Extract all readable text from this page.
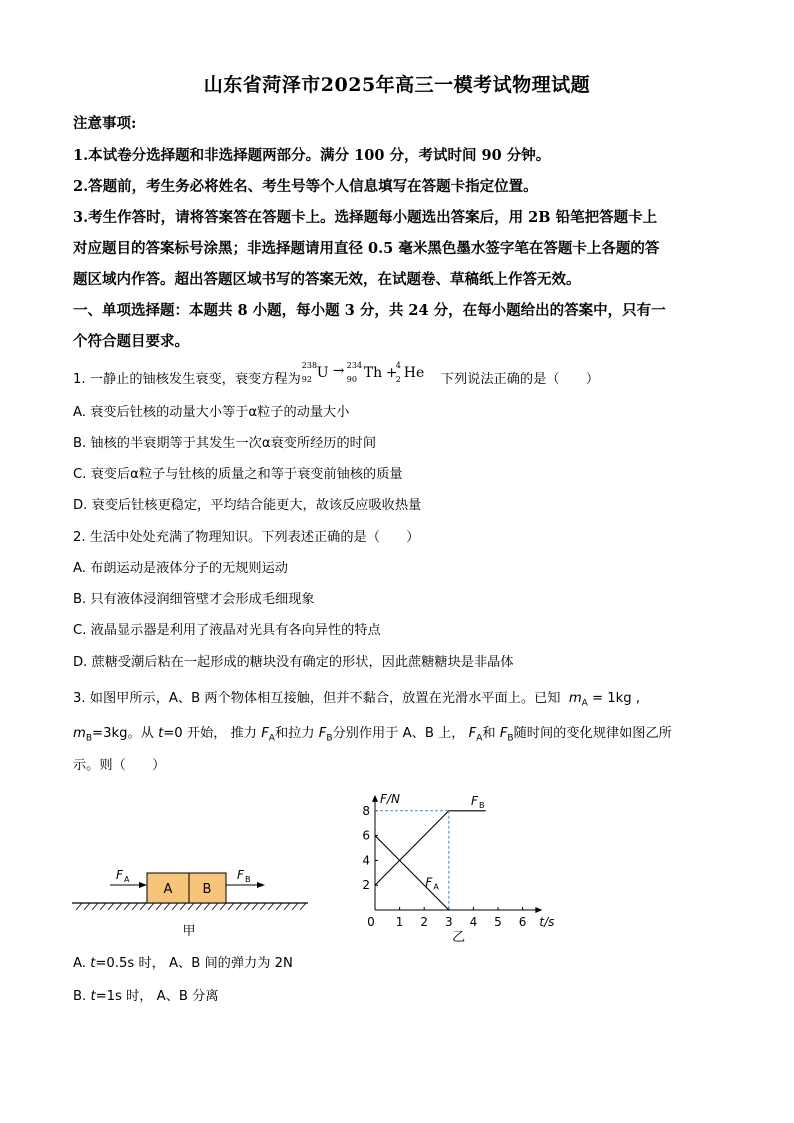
山东省菏泽市2025年高三一模考试物理试题
注意事项:
1.本试卷分选择题和非选择题两部分。满分 100 分，考试时间 90 分钟。
2.答题前，考生务必将姓名、考生号等个人信息填写在答题卡指定位置。
3.考生作答时，请将答案答在答题卡上。选择题每小题选出答案后，用 2B 铅笔把答题卡上
对应题目的答案标号涂黑；非选择题请用直径 0.5 毫米黑色墨水签字笔在答题卡上各题的答
题区域内作答。超出答题区域书写的答案无效，在试题卷、草稿纸上作答无效。
一、单项选择题：本题共 8 小题，每小题 3 分，共 24 分，在每小题给出的答案中，只有一
个符合题目要求。
1. 一静止的铀核发生衰变，衰变方程为
238
92 U → 234
90 Th +
4
2 He 下列说法正确的是（　　）
A. 衰变后钍核的动量大小等于α粒子的动量大小
B. 铀核的半衰期等于其发生一次α衰变所经历的时间
C. 衰变后α粒子与钍核的质量之和等于衰变前铀核的质量
D. 衰变后钍核更稳定，平均结合能更大，故该反应吸收热量
2. 生活中处处充满了物理知识。下列表述正确的是（　　）
A. 布朗运动是液体分子的无规则运动
B. 只有液体浸润细管壁才会形成毛细现象
C. 液晶显示器是利用了液晶对光具有各向异性的特点
D. 蔗糖受潮后粘在一起形成的糖块没有确定的形状，因此蔗糖糖块是非晶体
3. 如图甲所示，A、B 两个物体相互接触，但并不黏合，放置在光滑水平面上。已知 $m_A = 1kg$ ,
$m_B=3kg$。从 t=0 开始， 推力 $F_A$和拉力 $F_B$分别作用于 A、B 上， $F_A$和 $F_B$随时间的变化规律如图乙所
示。则（　　）
A B
F A	F B
甲
F/N
t/s
0 1 2 3 4 5 6
2
4
6
8
F B
F A
乙
A. t=0.5s 时， A、B 间的弹力为 2N
B. t=1s 时， A、B 分离
